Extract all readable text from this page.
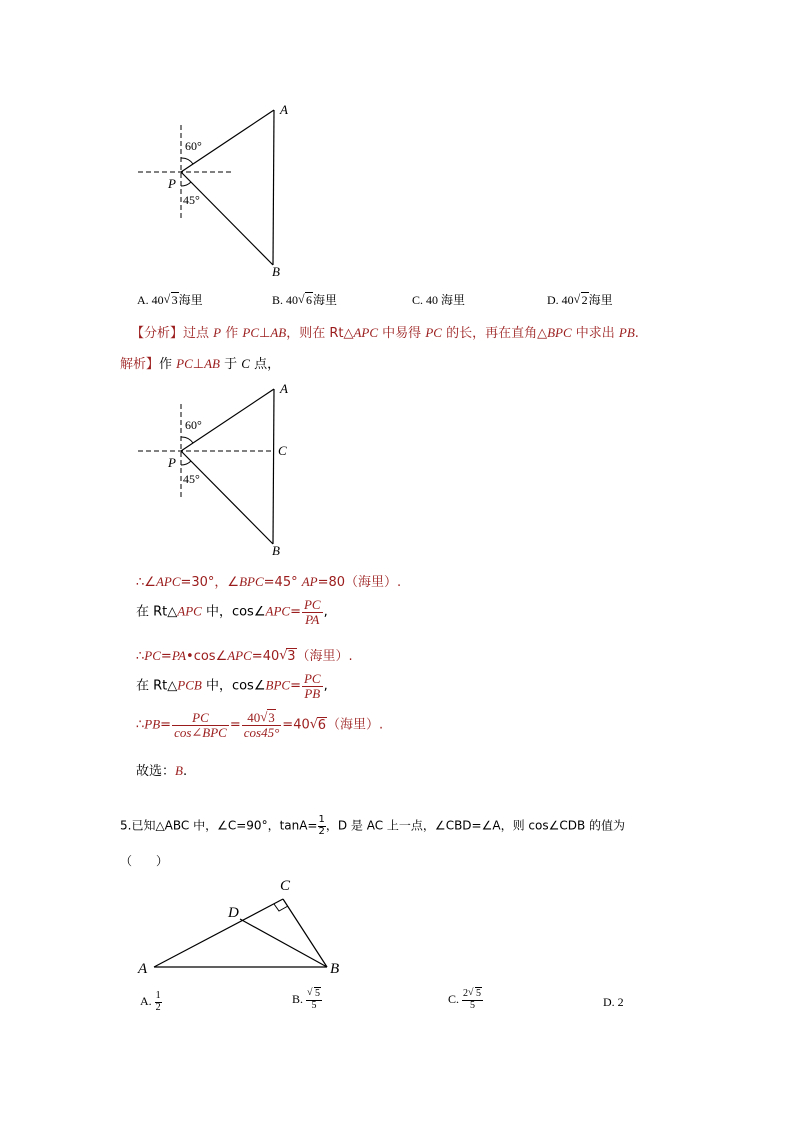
A
B
P
60°
45°
A. 40 √ 3海里	B. 40 √ 6海里	C. 40 海里	D. 40 √ 2海里
【分析】过点 P 作 PC⊥AB，则在 Rt△APC 中易得 PC 的长，再在直角△BPC 中求出 PB.
解析】作 PC⊥AB 于 C 点，
A
B
C
P
60°
45°
∴∠APC=30°，∠BPC=45° AP=80（海里）.
在 Rt△APC 中，cos∠APC= $\frac{PC}{PA}$ ,
∴PC=PA•cos∠APC=40 √ 3（海里）.
在 Rt△PCB 中，cos∠BPC= $\frac{PC}{PB}$ ,
∴PB= $\frac{PC}{\text{cos∠BPC}} = \frac{40 √ 3}{\cos 45^\circ} =40$ √ 6（海里）.
故选：B.
5.已知△ABC 中，∠C=90°，$\tan A= \frac{1}{2}$ ，D 是 AC 上一点，∠CBD=∠A，则 cos∠CDB 的值为
（　　）
A	B
C
D
A. $\frac{1}{2}$	B. $\frac{√ 5}{5}$	C. $\frac{2 √ 5}{5}$	D. 2
